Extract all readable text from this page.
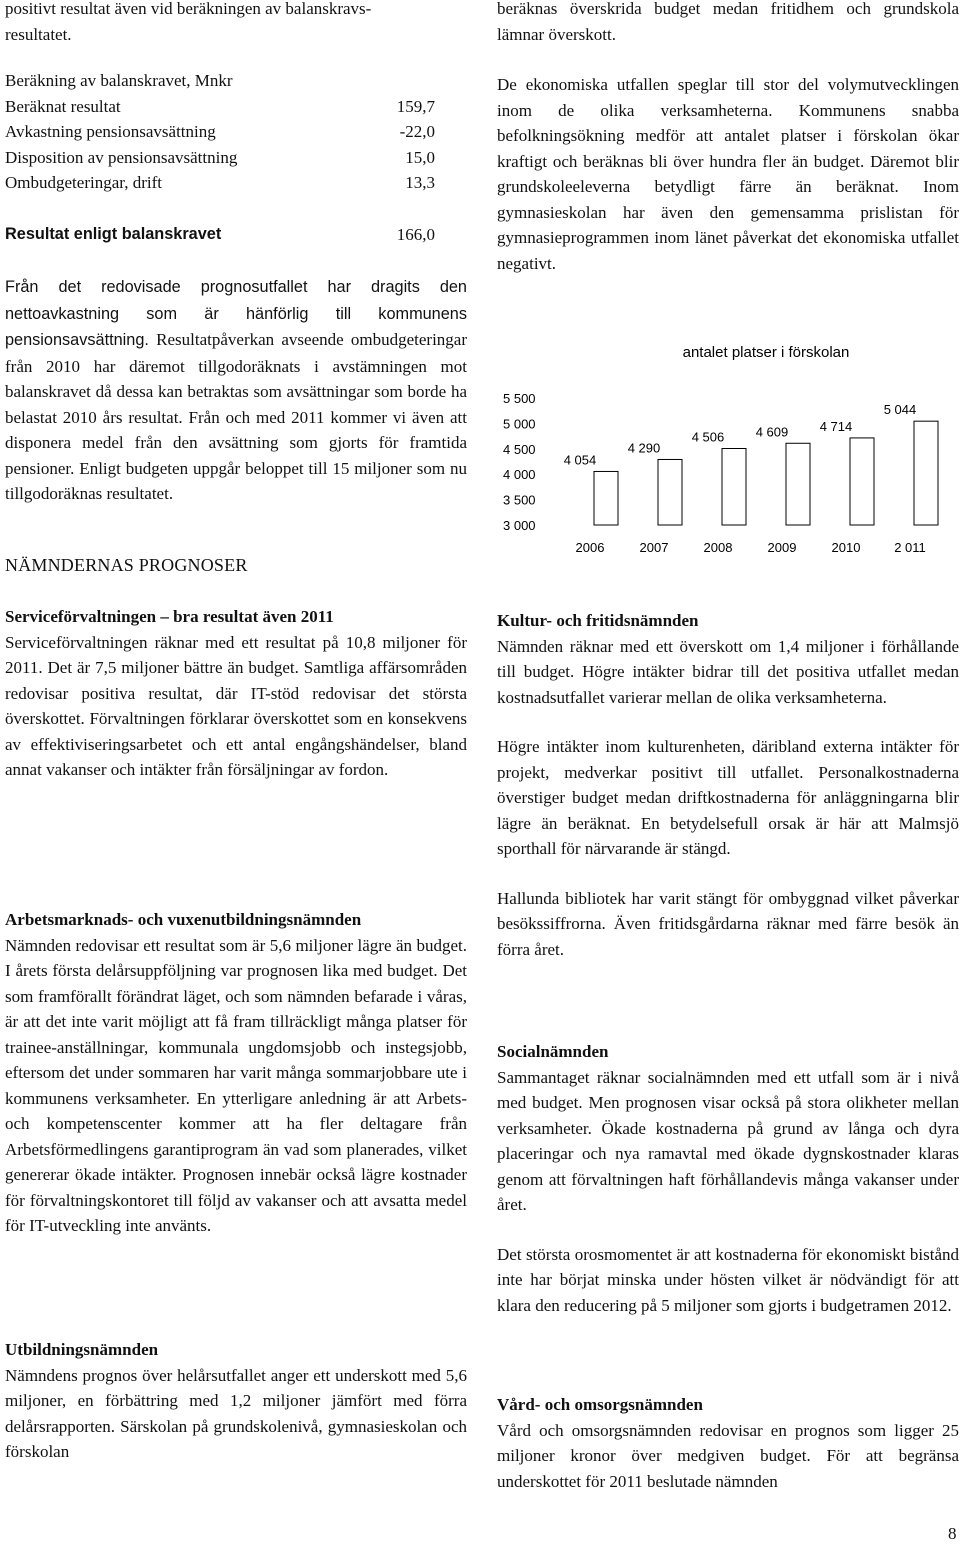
positivt resultat även vid beräkningen av balanskravs-

resultatet.

Beräkning av balanskravet, Mnkr

Beräknat resultat	159,7
Avkastning pensionsavsättning	-22,0
Disposition av pensionsavsättning	15,0
Ombudgeteringar, drift	13,3

Resultat enligt balanskravet	166,0

Från det redovisade prognosutfallet har dragits den nettoavkastning som är hänförlig till kommunens pensionsavsättning. Resultatpåverkan avseende ombudgeteringar från 2010 har däremot tillgodoräknats i avstämningen mot balanskravet då dessa kan betraktas som avsättningar som borde ha belastat 2010 års resultat. Från och med 2011 kommer vi även att disponera medel från den avsättning som gjorts för framtida pensioner. Enligt budgeten uppgår beloppet till 15 miljoner som nu tillgodoräknas resultatet.

NÄMNDERNAS PROGNOSER

Serviceförvaltningen – bra resultat även 2011

Serviceförvaltningen räknar med ett resultat på 10,8 miljoner för 2011. Det är 7,5 miljoner bättre än budget. Samtliga affärsområden redovisar positiva resultat, där IT-stöd redovisar det största överskottet. Förvaltningen förklarar överskottet som en konsekvens av effektiviseringsarbetet och ett antal engångshändelser, bland annat vakanser och intäkter från försäljningar av fordon.

Arbetsmarknads- och vuxenutbildningsnämnden

Nämnden redovisar ett resultat som är 5,6 miljoner lägre än budget. I årets första delårsuppföljning var prognosen lika med budget. Det som framförallt förändrat läget, och som nämnden befarade i våras, är att det inte varit möjligt att få fram tillräckligt många platser för trainee-anställningar, kommunala ungdomsjobb och instegsjobb, eftersom det under sommaren har varit många sommarjobbare ute i kommunens verksamheter. En ytterligare anledning är att Arbets- och kompetenscenter kommer att ha fler deltagare från Arbetsförmedlingens garantiprogram än vad som planerades, vilket genererar ökade intäkter. Prognosen innebär också lägre kostnader för förvaltningskontoret till följd av vakanser och att avsatta medel för IT-utveckling inte använts.

Utbildningsnämnden

Nämndens prognos över helårsutfallet anger ett underskott med 5,6 miljoner, en förbättring med 1,2 miljoner jämfört med förra delårsrapporten. Särskolan på grundskolenivå, gymnasieskolan och förskolan

beräknas överskrida budget medan fritidhem och grundskola lämnar överskott.

De ekonomiska utfallen speglar till stor del volymutvecklingen inom de olika verksamheterna. Kommunens snabba befolkningsökning medför att antalet platser i förskolan ökar kraftigt och beräknas bli över hundra fler än budget. Däremot blir grundskoleeleverna betydligt färre än beräknat. Inom gymnasieskolan har även den gemensamma prislistan för gymnasieprogrammen inom länet påverkat det ekonomiska utfallet negativt.

Kultur- och fritidsnämnden

Nämnden räknar med ett överskott om 1,4 miljoner i förhållande till budget. Högre intäkter bidrar till det positiva utfallet medan kostnadsutfallet varierar mellan de olika verksamheterna.

Högre intäkter inom kulturenheten, däribland externa intäkter för projekt, medverkar positivt till utfallet. Personalkostnaderna överstiger budget medan driftkostnaderna för anläggningarna blir lägre än beräknat. En betydelsefull orsak är här att Malmsjö sporthall för närvarande är stängd.

Hallunda bibliotek har varit stängt för ombyggnad vilket påverkar besökssiffrorna. Även fritidsgårdarna räknar med färre besök än förra året.

Socialnämnden

Sammantaget räknar socialnämnden med ett utfall som är i nivå med budget. Men prognosen visar också på stora olikheter mellan verksamheter. Ökade kostnaderna på grund av långa och dyra placeringar och nya ramavtal med ökade dygnskostnader klaras genom att förvaltningen haft förhållandevis många vakanser under året.

Det största orosmomentet är att kostnaderna för ekonomiskt bistånd inte har börjat minska under hösten vilket är nödvändigt för att klara den reducering på 5 miljoner som gjorts i budgetramen 2012.

Vård- och omsorgsnämnden

Vård och omsorgsnämnden redovisar en prognos som ligger 25 miljoner kronor över medgiven budget. För att begränsa underskottet för 2011 beslutade nämnden

antalet platser i förskolan
3 000
3 500
4 000
4 500
5 000
5 500
4 054
2006
4 290
2007
4 506
2008
4 609
2009
4 714
2010
5 044
2 011
8
